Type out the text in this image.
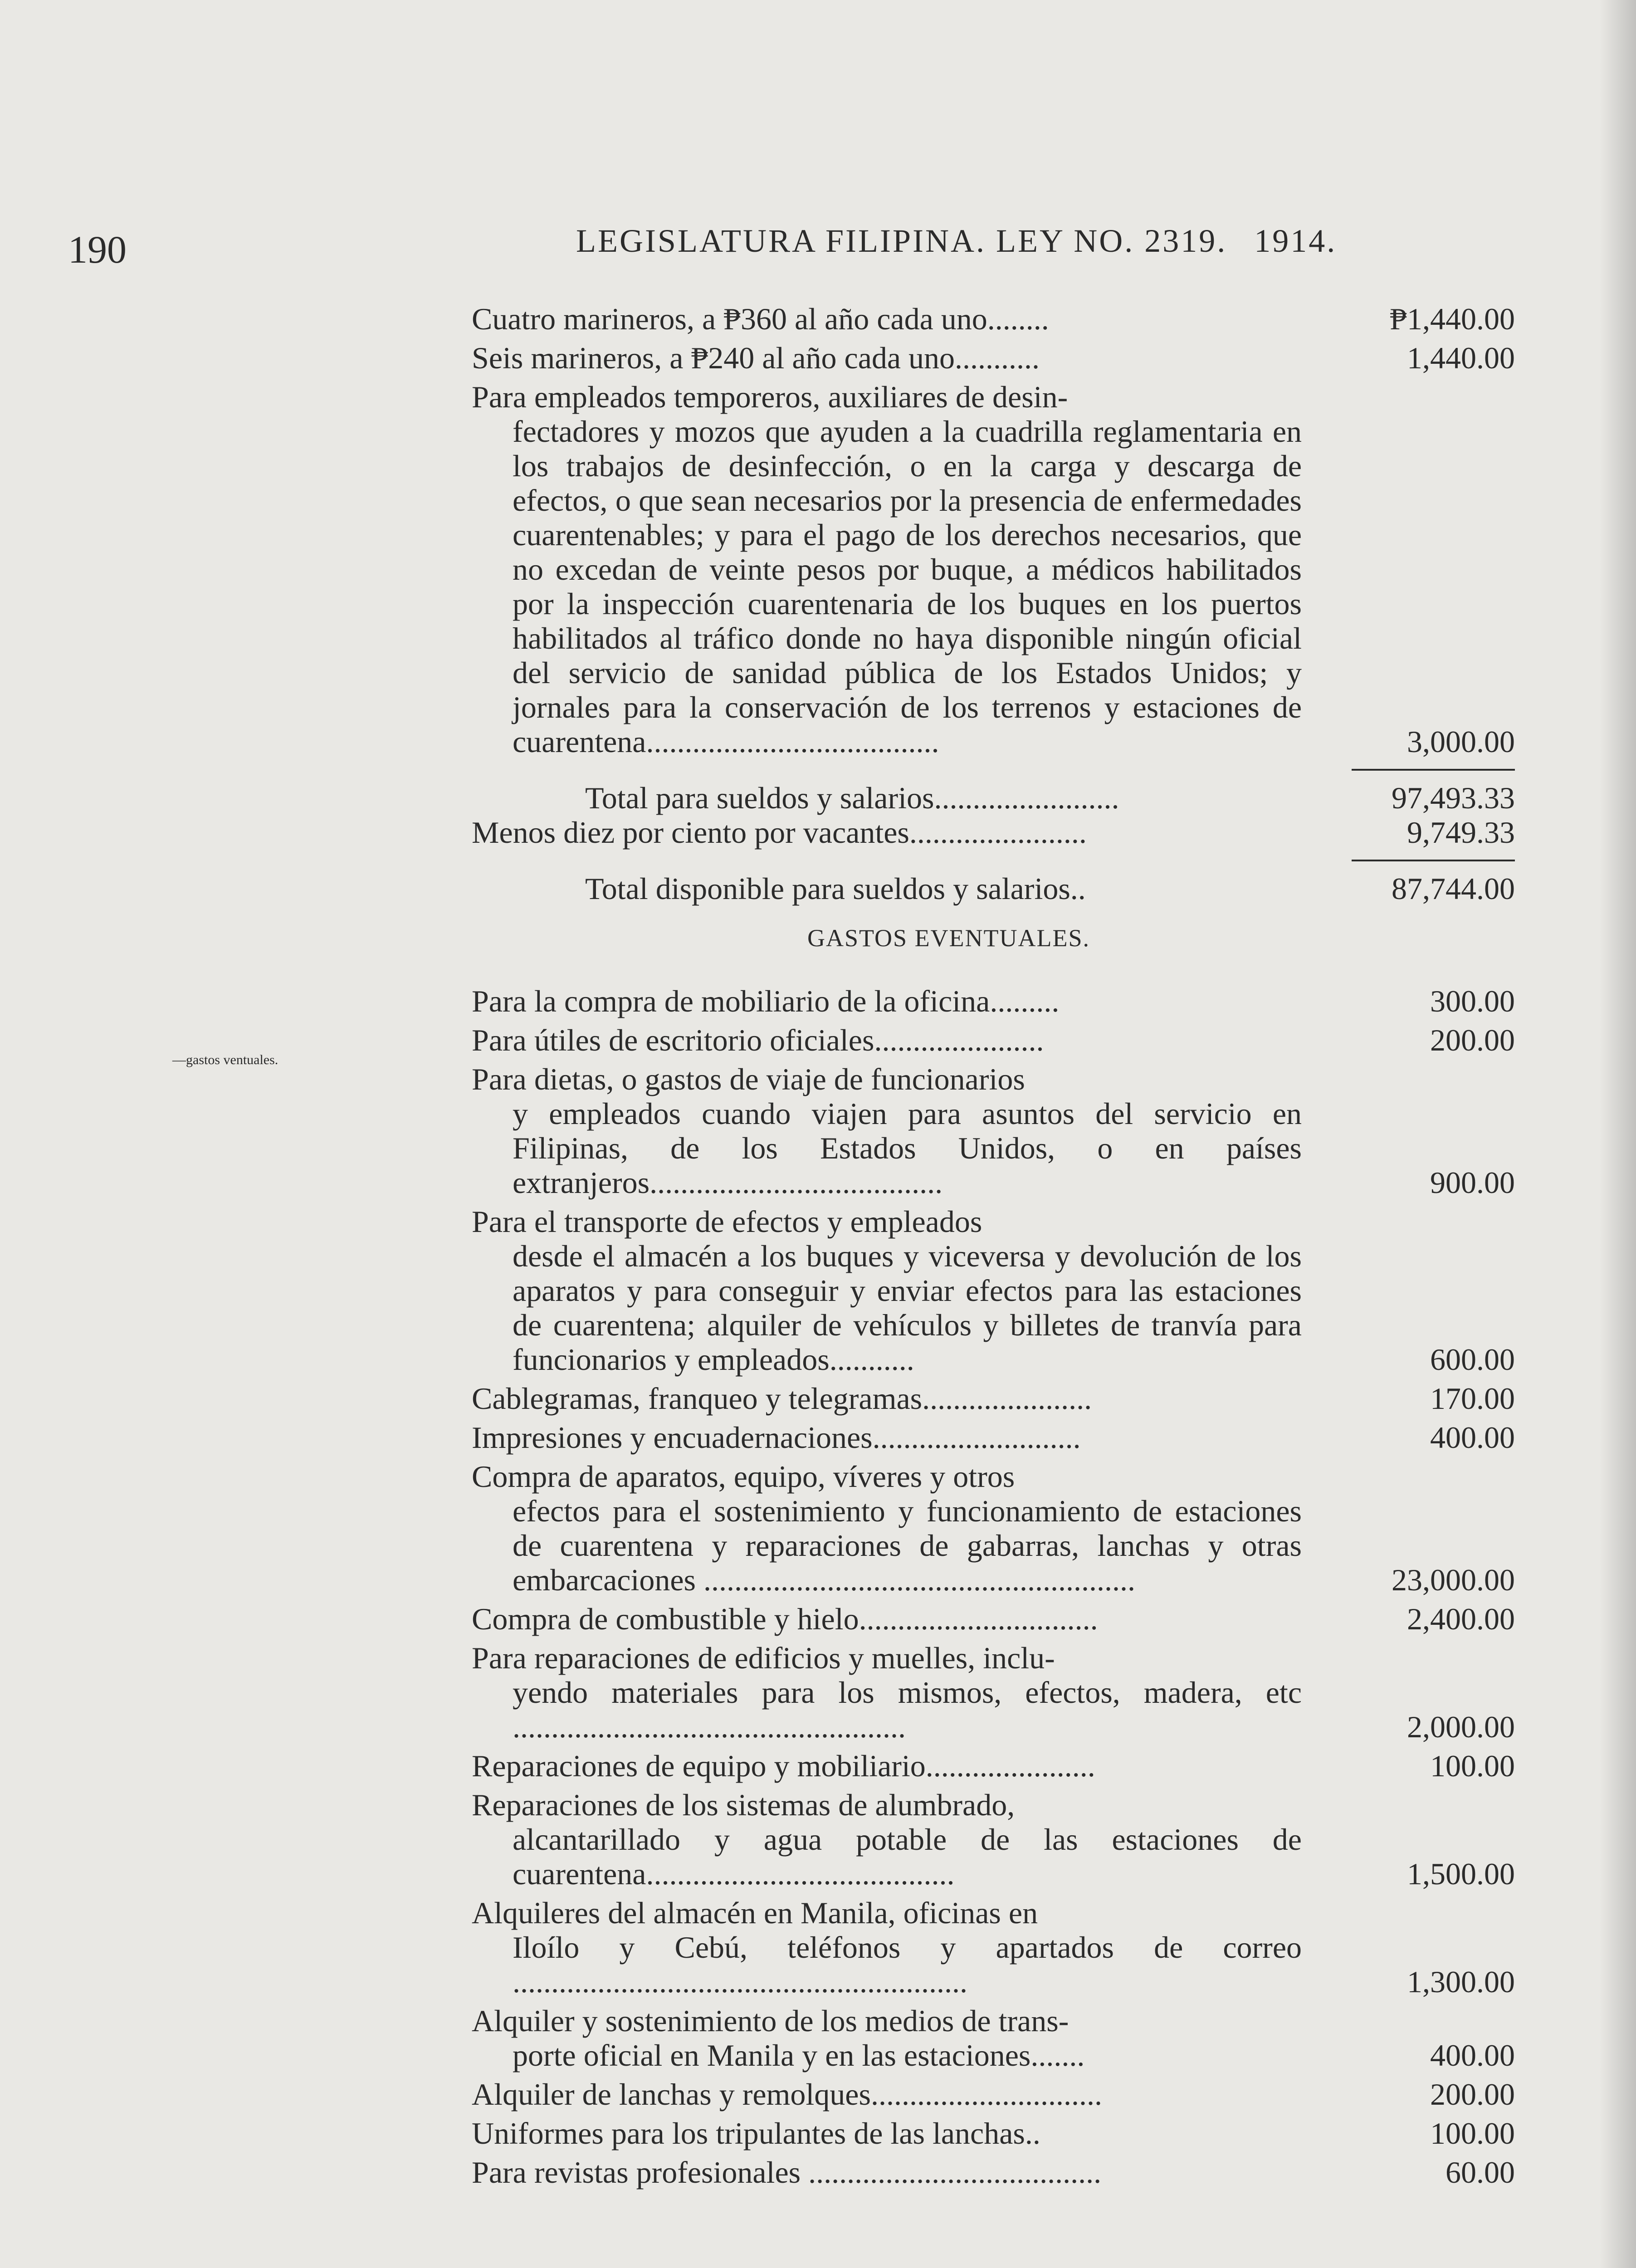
190	LEGISLATURA FILIPINA. LEY NO. 2319. 1914.
—gastos ventuales.
Cuatro marineros, a ₱360 al año cada uno........	₱1,440.00
Seis marineros, a ₱240 al año cada uno...........	1,440.00
Para empleados temporeros, auxiliares de desin-
fectadores y mozos que ayuden a la cuadrilla reglamentaria en los trabajos de desinfección, o en la carga y descarga de efectos, o que sean necesarios por la presencia de enfermedades cuarentenables; y para el pago de los derechos necesarios, que no excedan de veinte pesos por buque, a médicos habilitados por la inspección cuarentenaria de los buques en los puertos habilitados al tráfico donde no haya disponible ningún oficial del servicio de sanidad pública de los Estados Unidos; y jornales para la conservación de los terrenos y estaciones de cuarentena......................................	3,000.00
Total para sueldos y salarios........................	97,493.33
Menos diez por ciento por vacantes.......................	9,749.33
Total disponible para sueldos y salarios..	87,744.00
GASTOS EVENTUALES.
Para la compra de mobiliario de la oficina.........	300.00
Para útiles de escritorio oficiales......................	200.00
Para dietas, o gastos de viaje de funcionarios
y empleados cuando viajen para asuntos del servicio en Filipinas, de los Estados Unidos, o en países extranjeros......................................	900.00
Para el transporte de efectos y empleados
desde el almacén a los buques y viceversa y devolución de los aparatos y para conseguir y enviar efectos para las estaciones de cuarentena; alquiler de vehículos y billetes de tranvía para funcionarios y empleados...........	600.00
Cablegramas, franqueo y telegramas......................	170.00
Impresiones y encuadernaciones...........................	400.00
Compra de aparatos, equipo, víveres y otros
efectos para el sostenimiento y funcionamiento de estaciones de cuarentena y reparaciones de gabarras, lanchas y otras embarcaciones ........................................................	23,000.00
Compra de combustible y hielo...............................	2,400.00
Para reparaciones de edificios y muelles, inclu-
yendo materiales para los mismos, efectos, madera, etc ...................................................	2,000.00
Reparaciones de equipo y mobiliario......................	100.00
Reparaciones de los sistemas de alumbrado,
alcantarillado y agua potable de las estaciones de cuarentena........................................	1,500.00
Alquileres del almacén en Manila, oficinas en
Iloílo y Cebú, teléfonos y apartados de correo ...........................................................	1,300.00
Alquiler y sostenimiento de los medios de trans-
porte oficial en Manila y en las estaciones.......	400.00
Alquiler de lanchas y remolques..............................	200.00
Uniformes para los tripulantes de las lanchas..	100.00
Para revistas profesionales ......................................	60.00
